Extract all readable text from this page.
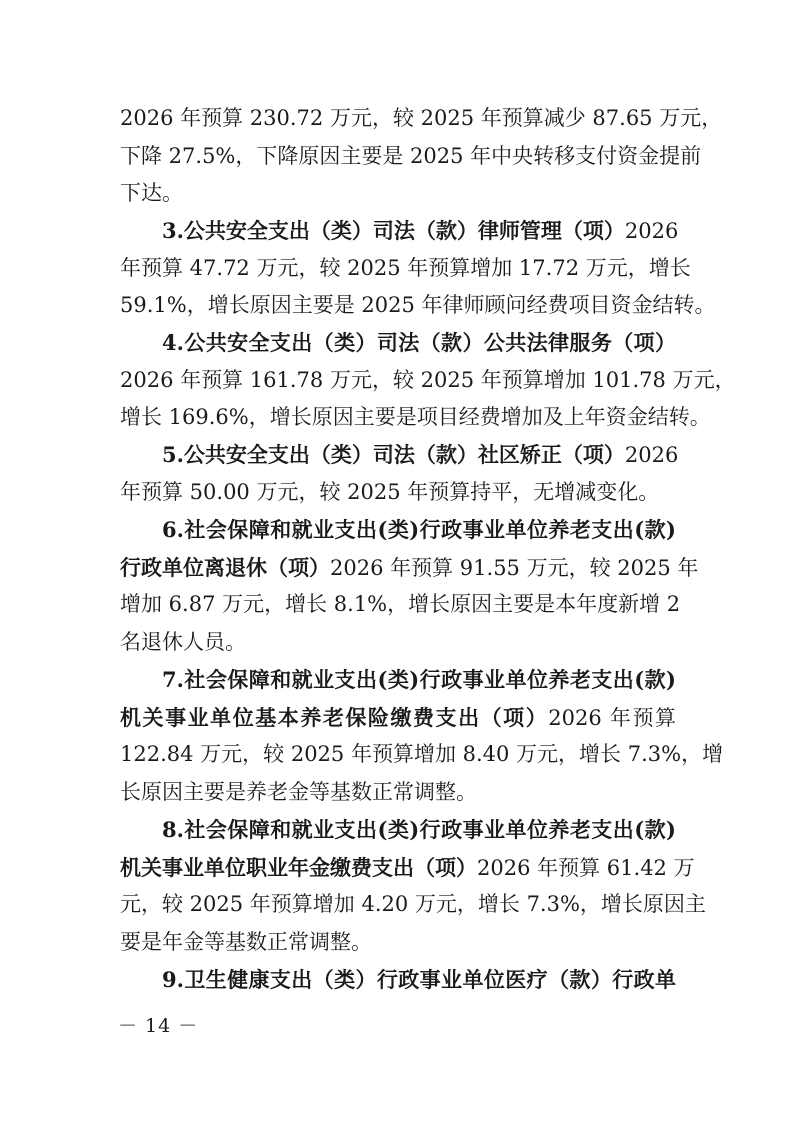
2026 年预算 230.72 万元，较 2025 年预算减少 87.65 万元，
下降 27.5%，下降原因主要是 2025 年中央转移支付资金提前
下达。
3.公共安全支出（类）司法（款）律师管理（项）2026
年预算 47.72 万元，较 2025 年预算增加 17.72 万元，增长
59.1%，增长原因主要是 2025 年律师顾问经费项目资金结转。
4.公共安全支出（类）司法（款）公共法律服务（项）
2026 年预算 161.78 万元，较 2025 年预算增加 101.78 万元，
增长 169.6%，增长原因主要是项目经费增加及上年资金结转。
5.公共安全支出（类）司法（款）社区矫正（项）2026
年预算 50.00 万元，较 2025 年预算持平，无增减变化。
6.社会保障和就业支出(类)行政事业单位养老支出(款)
行政单位离退休（项）2026 年预算 91.55 万元，较 2025 年
增加 6.87 万元，增长 8.1%，增长原因主要是本年度新增 2
名退休人员。
7.社会保障和就业支出(类)行政事业单位养老支出(款)
机关事业单位基本养老保险缴费支出（项）2026 年预算
122.84 万元，较 2025 年预算增加 8.40 万元，增长 7.3%，增
长原因主要是养老金等基数正常调整。
8.社会保障和就业支出(类)行政事业单位养老支出(款)
机关事业单位职业年金缴费支出（项）2026 年预算 61.42 万
元，较 2025 年预算增加 4.20 万元，增长 7.3%，增长原因主
要是年金等基数正常调整。
9.卫生健康支出（类）行政事业单位医疗（款）行政单
－ 14 －
